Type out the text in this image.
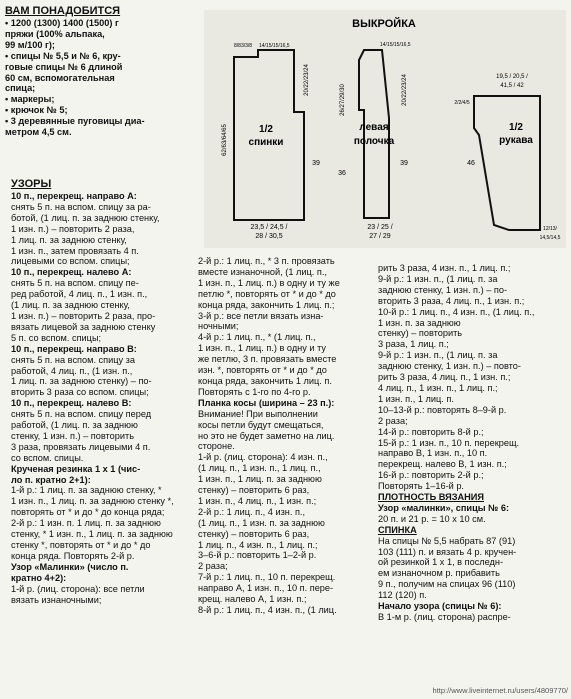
ВАМ ПОНАДОБИТСЯ

• 1200 (1300) 1400 (1500) г

пряжи (100% альпака,

99 м/100 г);

• спицы № 5,5 и № 6, кру-

говые спицы № 6 длиной

60 см, вспомогательная

спица;

• маркеры;

• крючок № 5;

• 3 деревянные пуговицы диа-

метром 4,5 см.

ВЫКРОЙКА
8/83/3/8 14/15/15/16,5
20/22/23/24
62/63/64/65
39
1/2
спинки
23,5 / 24,5 /
28 / 30,5
14/15/15/16,5
20/22/23/24
26/27/29/30
36
39
левая
полочка
23 / 25 /
27 / 29
19,5 / 20,5 /
41,5 / 42
2/2/4/5
46
1/2
рукава
12/13/
14,5/14,5

УЗОРЫ

10 п., перекрещ. направо А:

снять 5 п. на вспом. спицу за ра-

ботой, (1 лиц. п. за заднюю стенку,

1 изн. п.) – повторить 2 раза,

1 лиц. п. за заднюю стенку,

1 изн. п., затем провязать 4 п.

лицевыми со вспом. спицы;

10 п., перекрещ. налево А:

снять 5 п. на вспом. спицу пе-

ред работой, 4 лиц. п., 1 изн. п.,

(1 лиц. п. за заднюю стенку,

1 изн. п.) – повторить 2 раза, про-

вязать лицевой за заднюю стенку

5 п. со вспом. спицы;

10 п., перекрещ. направо В:

снять 5 п. на вспом. спицу за

работой, 4 лиц. п., (1 изн. п.,

1 лиц. п. за заднюю стенку) – по-

вторить 3 раза со вспом. спицы;

10 п., перекрещ. налево В:

снять 5 п. на вспом. спицу перед

работой, (1 лиц. п. за заднюю

стенку, 1 изн. п.) – повторить

3 раза, провязать лицевыми 4 п.

со вспом. спицы.

Крученая резинка 1 х 1 (чис-

ло п. кратно 2+1):

1-й р.: 1 лиц. п. за заднюю стенку, *

1 изн. п., 1 лиц. п. за заднюю стенку *,

повторять от * и до * до конца ряда;

2-й р.: 1 изн. п. 1 лиц. п. за заднюю

стенку, * 1 изн. п., 1 лиц. п. за заднюю

стенку *, повторять от * и до * до

конца ряда. Повторять 2-й р.

Узор «Малинки» (число п.

кратно 4+2):

1-й р. (лиц. сторона): все петли

вязать изнаночными;

2-й р.: 1 лиц. п., * 3 п. провязать

вместе изнаночной, (1 лиц. п.,

1 изн. п., 1 лиц. п.) в одну и ту же

петлю *, повторять от * и до * до

конца ряда, закончить 1 лиц. п.;

3-й р.: все петли вязать изна-

ночными;

4-й р.: 1 лиц. п., * (1 лиц. п.,

1 изн. п., 1 лиц. п.) в одну и ту

же петлю, 3 п. провязать вместе

изн. *, повторять от * и до * до

конца ряда, закончить 1 лиц. п.

Повторять с 1-го по 4-го р.

Планка косы (ширина – 23 п.):

Внимание! При выполнении

косы петли будут смещаться,

но это не будет заметно на лиц.

стороне.

1-й р. (лиц. сторона): 4 изн. п.,

(1 лиц. п., 1 изн. п., 1 лиц. п.,

1 изн. п., 1 лиц. п. за заднюю

стенку) – повторить 6 раз,

1 изн. п., 4 лиц. п., 1 изн. п.;

2-й р.: 1 лиц. п., 4 изн. п.,

(1 лиц. п., 1 изн. п. за заднюю

стенку) – повторить 6 раз,

1 лиц. п., 4 изн. п., 1 лиц. п.;

3–6-й р.: повторить 1–2-й р.

2 раза;

7-й р.: 1 лиц. п., 10 п. перекрещ.

направо А, 1 изн. п., 10 п. пере-

крещ. налево А, 1 изн. п.;

8-й р.: 1 лиц. п., 4 изн. п., (1 лиц.

рить 3 раза, 4 изн. п., 1 лиц. п.;

9-й р.: 1 изн. п., (1 лиц. п. за

заднюю стенку, 1 изн. п.) – по-

вторить 3 раза, 4 лиц. п., 1 изн. п.;

10-й р.: 1 лиц. п., 4 изн. п., (1 лиц. п.,

1 изн. п. за заднюю

стенку) – повторить

3 раза, 1 лиц. п.;

9-й р.: 1 изн. п., (1 лиц. п. за

заднюю стенку, 1 изн. п.) – повто-

рить 3 раза, 4 лиц. п., 1 изн. п.;

4 лиц. п., 1 изн. п., 1 лиц. п.;

1 изн. п., 1 лиц. п.

10–13-й р.: повторять 8–9-й р.

2 раза;

14-й р.: повторить 8-й р.;

15-й р.: 1 изн. п., 10 п. перекрещ.

направо В, 1 изн. п., 10 п.

перекрещ. налево В, 1 изн. п.;

16-й р.: повторить 2-й р.;

Повторять 1–16-й р.

ПЛОТНОСТЬ ВЯЗАНИЯ

Узор «малинки», спицы № 6:

20 п. и 21 р. = 10 х 10 см.

СПИНКА

На спицы № 5,5 набрать 87 (91)

103 (111) п. и вязать 4 р. кручен-

ой резинкой 1 х 1, в последн-

ем изнаночном р. прибавить

9 п., получим на спицах 96 (110)

112 (120) п.

Начало узора (спицы № 6):

В 1-м р. (лиц. сторона) распре-

http://www.liveinternet.ru/users/4809770/
